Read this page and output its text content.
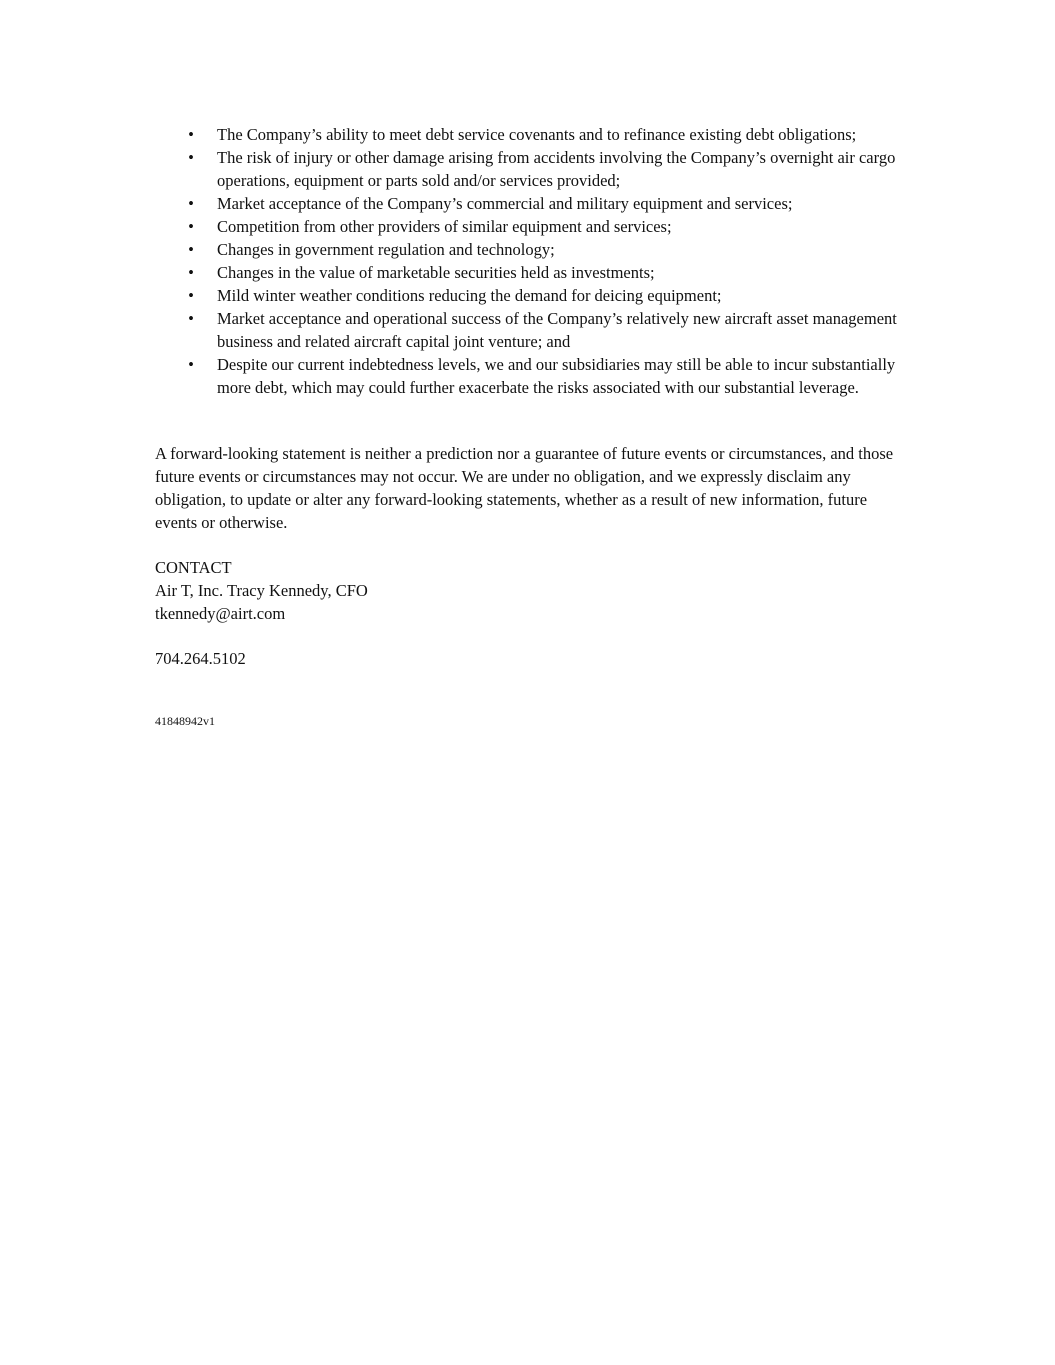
• The Company’s ability to meet debt service covenants and to refinance existing debt obligations;
• The risk of injury or other damage arising from accidents involving the Company’s overnight air cargo operations, equipment or parts sold and/or services provided;
• Market acceptance of the Company’s commercial and military equipment and services;
• Competition from other providers of similar equipment and services;
• Changes in government regulation and technology;
• Changes in the value of marketable securities held as investments;
• Mild winter weather conditions reducing the demand for deicing equipment;
• Market acceptance and operational success of the Company’s relatively new aircraft asset management business and related aircraft capital joint venture; and
• Despite our current indebtedness levels, we and our subsidiaries may still be able to incur substantially more debt, which may could further exacerbate the risks associated with our substantial leverage.

A forward-looking statement is neither a prediction nor a guarantee of future events or circumstances, and those future events or circumstances may not occur. We are under no obligation, and we expressly disclaim any obligation, to update or alter any forward-looking statements, whether as a result of new information, future events or otherwise.

CONTACT
Air T, Inc. Tracy Kennedy, CFO
tkennedy@airt.com
704.264.5102
41848942v1
